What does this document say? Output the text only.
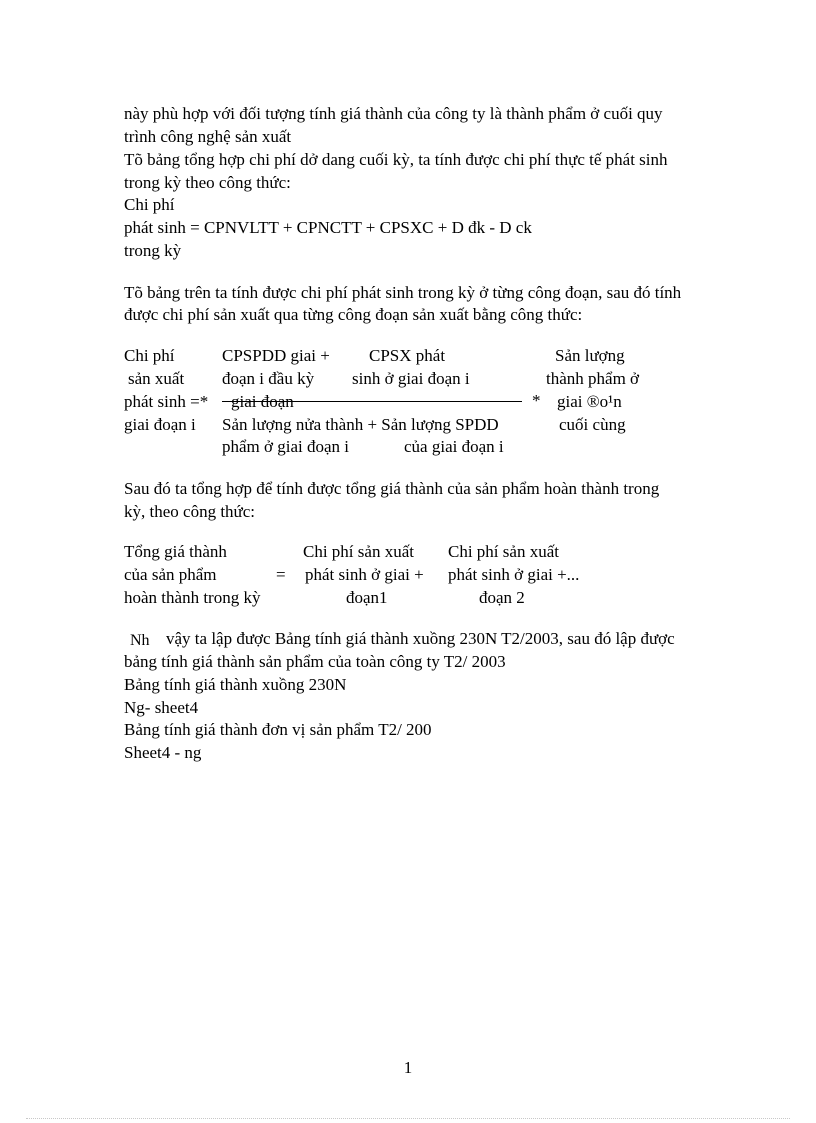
này phù hợp với đối tượng tính giá thành của công ty là thành phẩm ở cuối quy
trình công nghệ sản xuất
Tõ bảng tổng hợp chi phí dở dang cuối kỳ, ta tính được chi phí thực tế phát sinh
trong kỳ theo công thức:
Chi phí
phát sinh = CPNVLTT + CPNCTT + CPSXC + D đk - D ck
trong kỳ
Tõ bảng trên ta tính được chi phí phát sinh trong kỳ ở từng công đoạn, sau đó tính
được chi phí sản xuất qua từng công đoạn sản xuất bằng công thức:
Chi phí
sản xuất
phát sinh =*
giai đoạn i
CPSPDD giai +
đoạn i đầu kỳ
giai đoạn
CPSX phát
sinh ở giai đoạn i
Sản lượng nửa thành + Sản lượng SPDD
phẩm ở giai đoạn i	của giai đoạn i
*
Sản lượng
thành phẩm ở
giai ®o¹n
cuối cùng
Sau đó ta tổng hợp để tính được tổng giá thành của sản phẩm hoàn thành trong
kỳ, theo công thức:
Tổng giá thành
của sản phẩm
hoàn thành trong kỳ
=
Chi phí sản xuất
phát sinh ở giai +
đoạn1
Chi phí sản xuất
phát sinh ở giai +...
đoạn 2
Nh vậy ta lập được Bảng tính giá thành xuồng 230N T2/2003, sau đó lập được
bảng tính giá thành sản phẩm của toàn công ty T2/ 2003
Bảng tính giá thành xuồng 230N
Ng- sheet4
Bảng tính giá thành đơn vị sản phẩm T2/ 200
Sheet4 - ng
1
